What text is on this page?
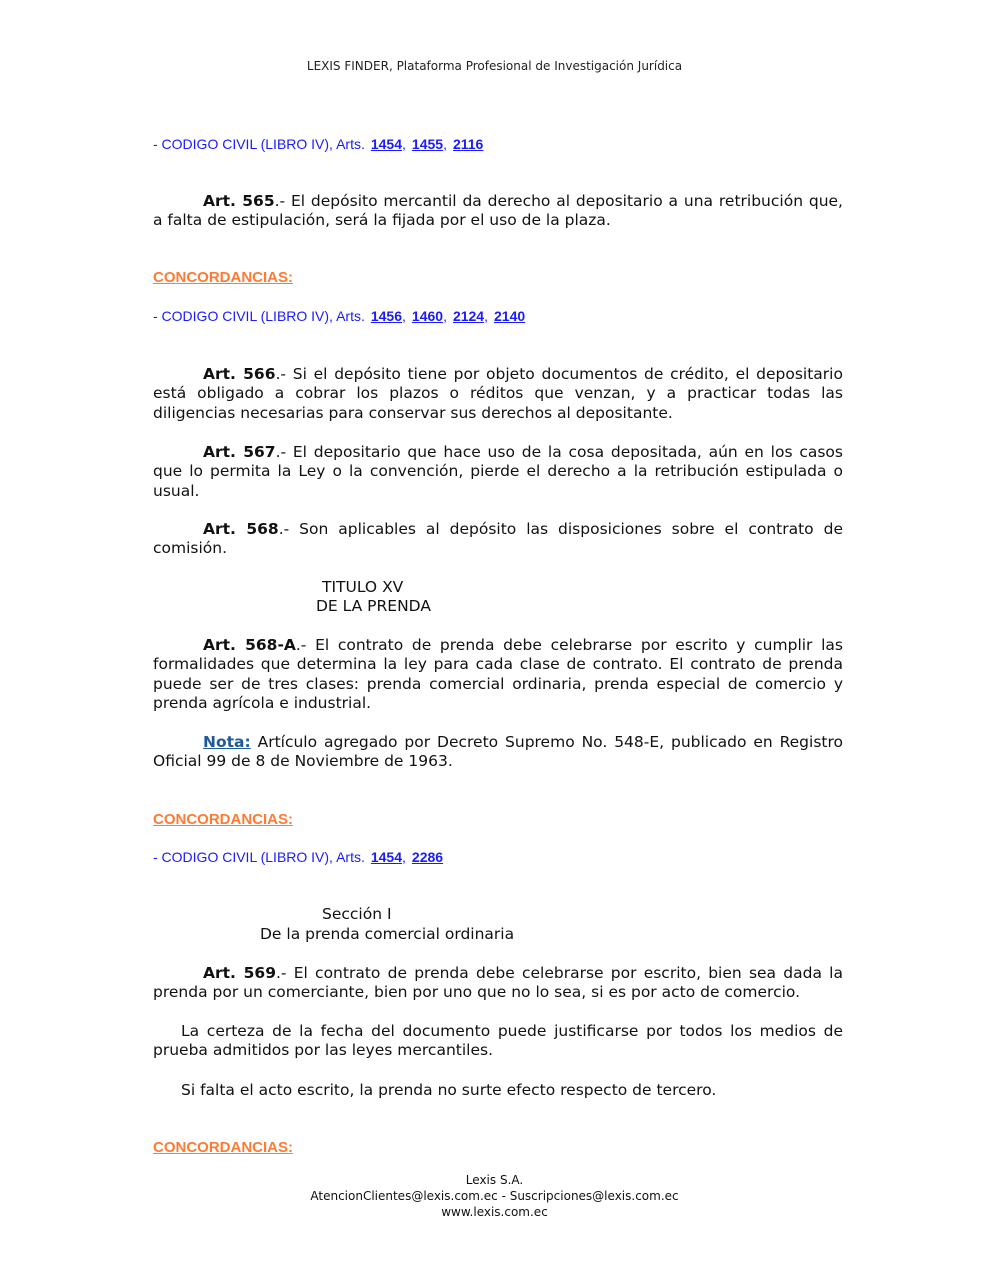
LEXIS FINDER, Plataforma Profesional de Investigación Jurídica
- CODIGO CIVIL (LIBRO IV), Arts. 1454, 1455, 2116
Art. 565.- El depósito mercantil da derecho al depositario a una retribución que, a falta de estipulación, será la fijada por el uso de la plaza.
CONCORDANCIAS:
- CODIGO CIVIL (LIBRO IV), Arts. 1456, 1460, 2124, 2140
Art. 566.- Si el depósito tiene por objeto documentos de crédito, el depositario está obligado a cobrar los plazos o réditos que venzan, y a practicar todas las diligencias necesarias para conservar sus derechos al depositante.
Art. 567.- El depositario que hace uso de la cosa depositada, aún en los casos que lo permita la Ley o la convención, pierde el derecho a la retribución estipulada o usual.
Art. 568.- Son aplicables al depósito las disposiciones sobre el contrato de comisión.
TITULO XV
DE LA PRENDA
Art. 568-A.- El contrato de prenda debe celebrarse por escrito y cumplir las formalidades que determina la ley para cada clase de contrato. El contrato de prenda puede ser de tres clases: prenda comercial ordinaria, prenda especial de comercio y prenda agrícola e industrial.
Nota: Artículo agregado por Decreto Supremo No. 548-E, publicado en Registro Oficial 99 de 8 de Noviembre de 1963.
CONCORDANCIAS:
- CODIGO CIVIL (LIBRO IV), Arts. 1454, 2286
Sección I
De la prenda comercial ordinaria
Art. 569.- El contrato de prenda debe celebrarse por escrito, bien sea dada la prenda por un comerciante, bien por uno que no lo sea, si es por acto de comercio.
La certeza de la fecha del documento puede justificarse por todos los medios de prueba admitidos por las leyes mercantiles.
Si falta el acto escrito, la prenda no surte efecto respecto de tercero.
CONCORDANCIAS:
Lexis S.A.
AtencionClientes@lexis.com.ec - Suscripciones@lexis.com.ec
www.lexis.com.ec
